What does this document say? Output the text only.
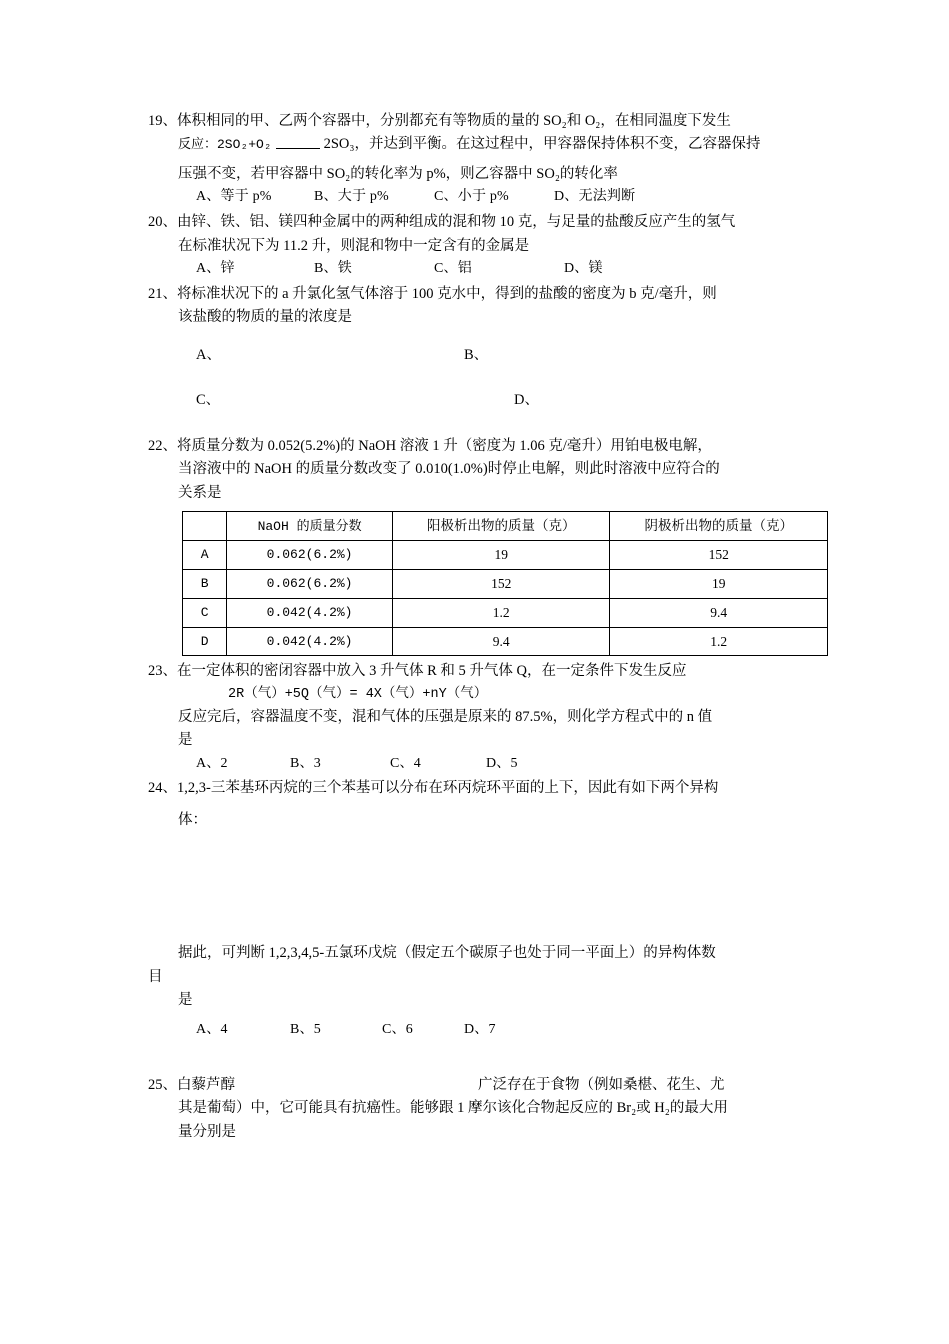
19、体积相同的甲、乙两个容器中，分别都充有等物质的量的 SO₂和 O₂，在相同温度下发生
反应：2SO₂+O₂	2SO₃，并达到平衡。在这过程中，甲容器保持体积不变，乙容器保持
压强不变，若甲容器中 SO₂的转化率为 p%，则乙容器中 SO₂的转化率
A、等于 p%	B、大于 p%	C、小于 p%	D、无法判断
20、由锌、铁、铝、镁四种金属中的两种组成的混和物 10 克，与足量的盐酸反应产生的氢气
在标准状况下为 11.2 升，则混和物中一定含有的金属是
A、锌	B、铁	C、铝	D、镁
21、将标准状况下的 a 升氯化氢气体溶于 100 克水中，得到的盐酸的密度为 b 克/毫升，则
该盐酸的物质的量的浓度是
A、	B、
C、	D、
22、将质量分数为 0.052(5.2%)的 NaOH 溶液 1 升（密度为 1.06 克/毫升）用铂电极电解，
当溶液中的 NaOH 的质量分数改变了 0.010(1.0%)时停止电解，则此时溶液中应符合的
关系是
	NaOH 的质量分数	阳极析出物的质量（克）	阴极析出物的质量（克）
A	0.062(6.2%)	19	152
B	0.062(6.2%)	152	19
C	0.042(4.2%)	1.2	9.4
D	0.042(4.2%)	9.4	1.2
23、在一定体积的密闭容器中放入 3 升气体 R 和 5 升气体 Q，在一定条件下发生反应
2R（气）+5Q（气）= 4X（气）+nY（气）
反应完后，容器温度不变，混和气体的压强是原来的 87.5%，则化学方程式中的 n 值
是
A、2	B、3	C、4	D、5
24、1,2,3-三苯基环丙烷的三个苯基可以分布在环丙烷环平面的上下，因此有如下两个异构
体：
据此，可判断 1,2,3,4,5-五氯环戊烷（假定五个碳原子也处于同一平面上）的异构体数
目
是
A、4	B、5	C、6	D、7
25、白藜芦醇	广泛存在于食物（例如桑椹、花生、尤
其是葡萄）中，它可能具有抗癌性。能够跟 1 摩尔该化合物起反应的 Br₂或 H₂的最大用
量分别是
